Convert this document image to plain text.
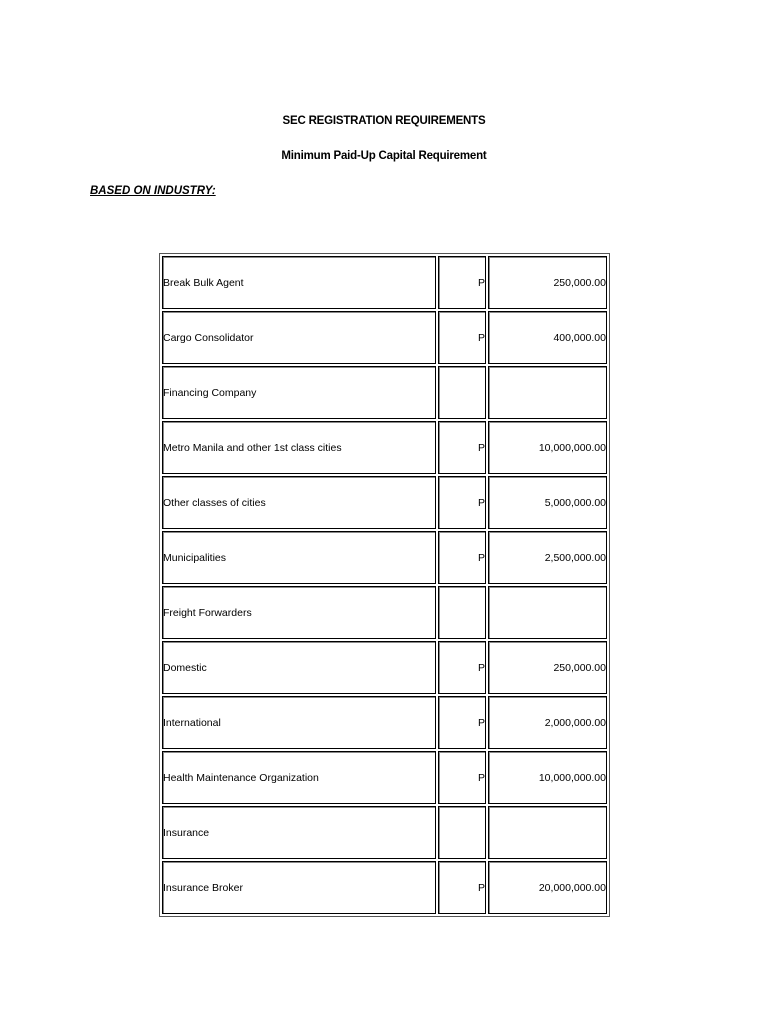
SEC REGISTRATION REQUIREMENTS
Minimum Paid-Up Capital Requirement
BASED ON INDUSTRY:
Break Bulk Agent	P	250,000.00
Cargo Consolidator	P	400,000.00
Financing Company		
Metro Manila and other 1st class cities	P	10,000,000.00
Other classes of cities	P	5,000,000.00
Municipalities	P	2,500,000.00
Freight Forwarders		
Domestic	P	250,000.00
International	P	2,000,000.00
Health Maintenance Organization	P	10,000,000.00
Insurance		
Insurance Broker	P	20,000,000.00
